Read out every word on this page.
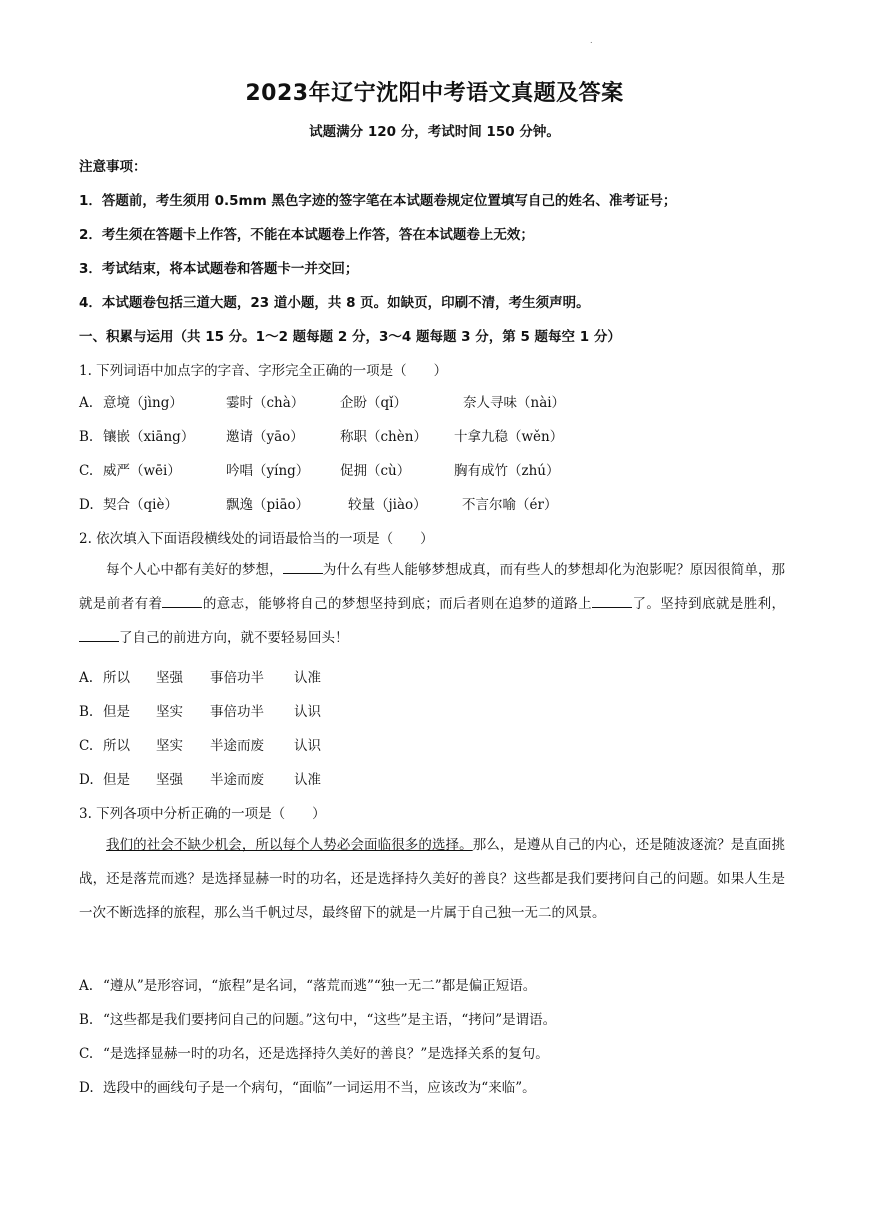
.
2023年辽宁沈阳中考语文真题及答案
试题满分 120 分，考试时间 150 分钟。
注意事项：
1．答题前，考生须用 0.5mm 黑色字迹的签字笔在本试题卷规定位置填写自己的姓名、准考证号；
2．考生须在答题卡上作答，不能在本试题卷上作答，答在本试题卷上无效；
3．考试结束，将本试题卷和答题卡一并交回；
4．本试题卷包括三道大题，23 道小题，共 8 页。如缺页，印刷不清，考生须声明。
一、积累与运用（共 15 分。1～2 题每题 2 分，3～4 题每题 3 分，第 5 题每空 1 分）
1. 下列词语中加点字的字音、字形完全正确的一项是（　　）
A. 意境（jìng）	霎时（chà）	企盼（qǐ）	奈人寻味（nài）
B. 镶嵌（xiāng） 邀请（yāo）	称职（chèn） 十拿九稳（wěn）
C. 威严（wēi）	吟唱（yíng） 促拥（cù）	胸有成竹（zhú）
D. 契合（qiè）	飘逸（piāo）	较量（jiào）	不言尔喻（ér）
2. 依次填入下面语段横线处的词语最恰当的一项是（　　）

每个人心中都有美好的梦想，	为什么有些人能够梦想成真，而有些人的梦想却化为泡影呢？原因很简单，那就是前者有着	的意志，能够将自己的梦想坚持到底；而后者则在追梦的道路上	了。坚持到底就是胜利，了自己的前进方向，就不要轻易回头！

A. 所以 坚强 事倍功半 认准
B. 但是 坚实 事倍功半 认识
C. 所以 坚实 半途而废 认识
D. 但是 坚强 半途而废 认准
3. 下列各项中分析正确的一项是（　　）

我们的社会不缺少机会，所以每个人势必会面临很多的选择。那么，是遵从自己的内心，还是随波逐流？是直面挑战，还是落荒而逃？是选择显赫一时的功名，还是选择持久美好的善良？这些都是我们要拷问自己的问题。如果人生是一次不断选择的旅程，那么当千帆过尽，最终留下的就是一片属于自己独一无二的风景。

A. “遵从”是形容词，“旅程”是名词，“落荒而逃”“独一无二”都是偏正短语。
B. “这些都是我们要拷问自己的问题。”这句中，“这些”是主语，“拷问”是谓语。
C. “是选择显赫一时的功名，还是选择持久美好的善良？”是选择关系的复句。
D. 选段中的画线句子是一个病句，“面临”一词运用不当，应该改为“来临”。
